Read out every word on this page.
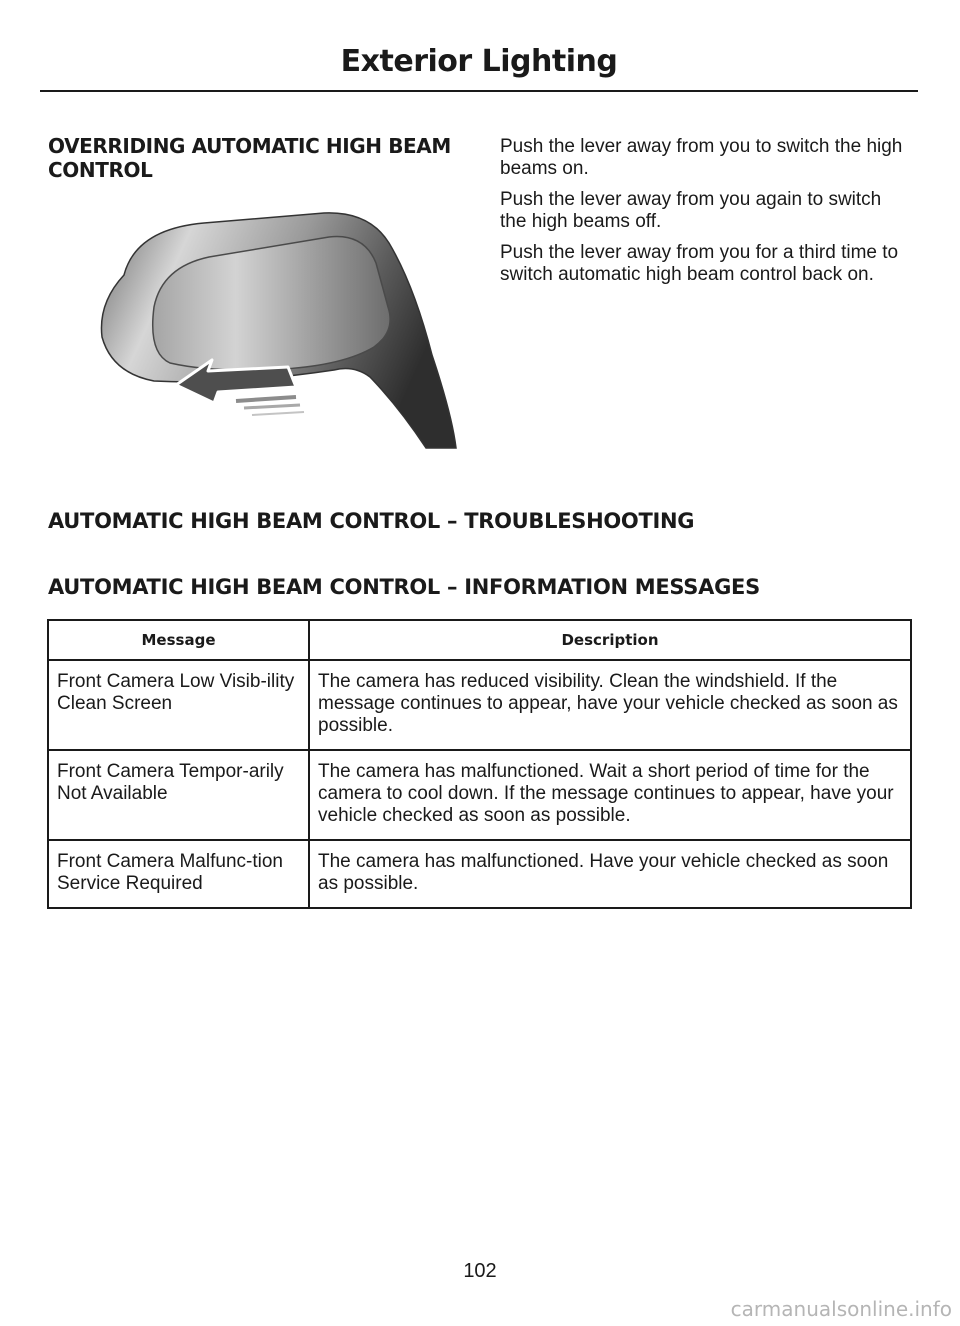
Exterior Lighting
OVERRIDING AUTOMATIC HIGH BEAM CONTROL

Push the lever away from you to switch the high beams on.

Push the lever away from you again to switch the high beams off.

Push the lever away from you for a third time to switch automatic high beam control back on.

AUTOMATIC HIGH BEAM CONTROL – TROUBLESHOOTING
AUTOMATIC HIGH BEAM CONTROL – INFORMATION MESSAGES
Message	Description
Front Camera Low Visib-ility Clean Screen	The camera has reduced visibility. Clean the windshield. If the message continues to appear, have your vehicle checked as soon as possible.
Front Camera Tempor-arily Not Available	The camera has malfunctioned. Wait a short period of time for the camera to cool down. If the message continues to appear, have your vehicle checked as soon as possible.
Front Camera Malfunc-tion Service Required	The camera has malfunctioned. Have your vehicle checked as soon as possible.
102
carmanualsonline.info
